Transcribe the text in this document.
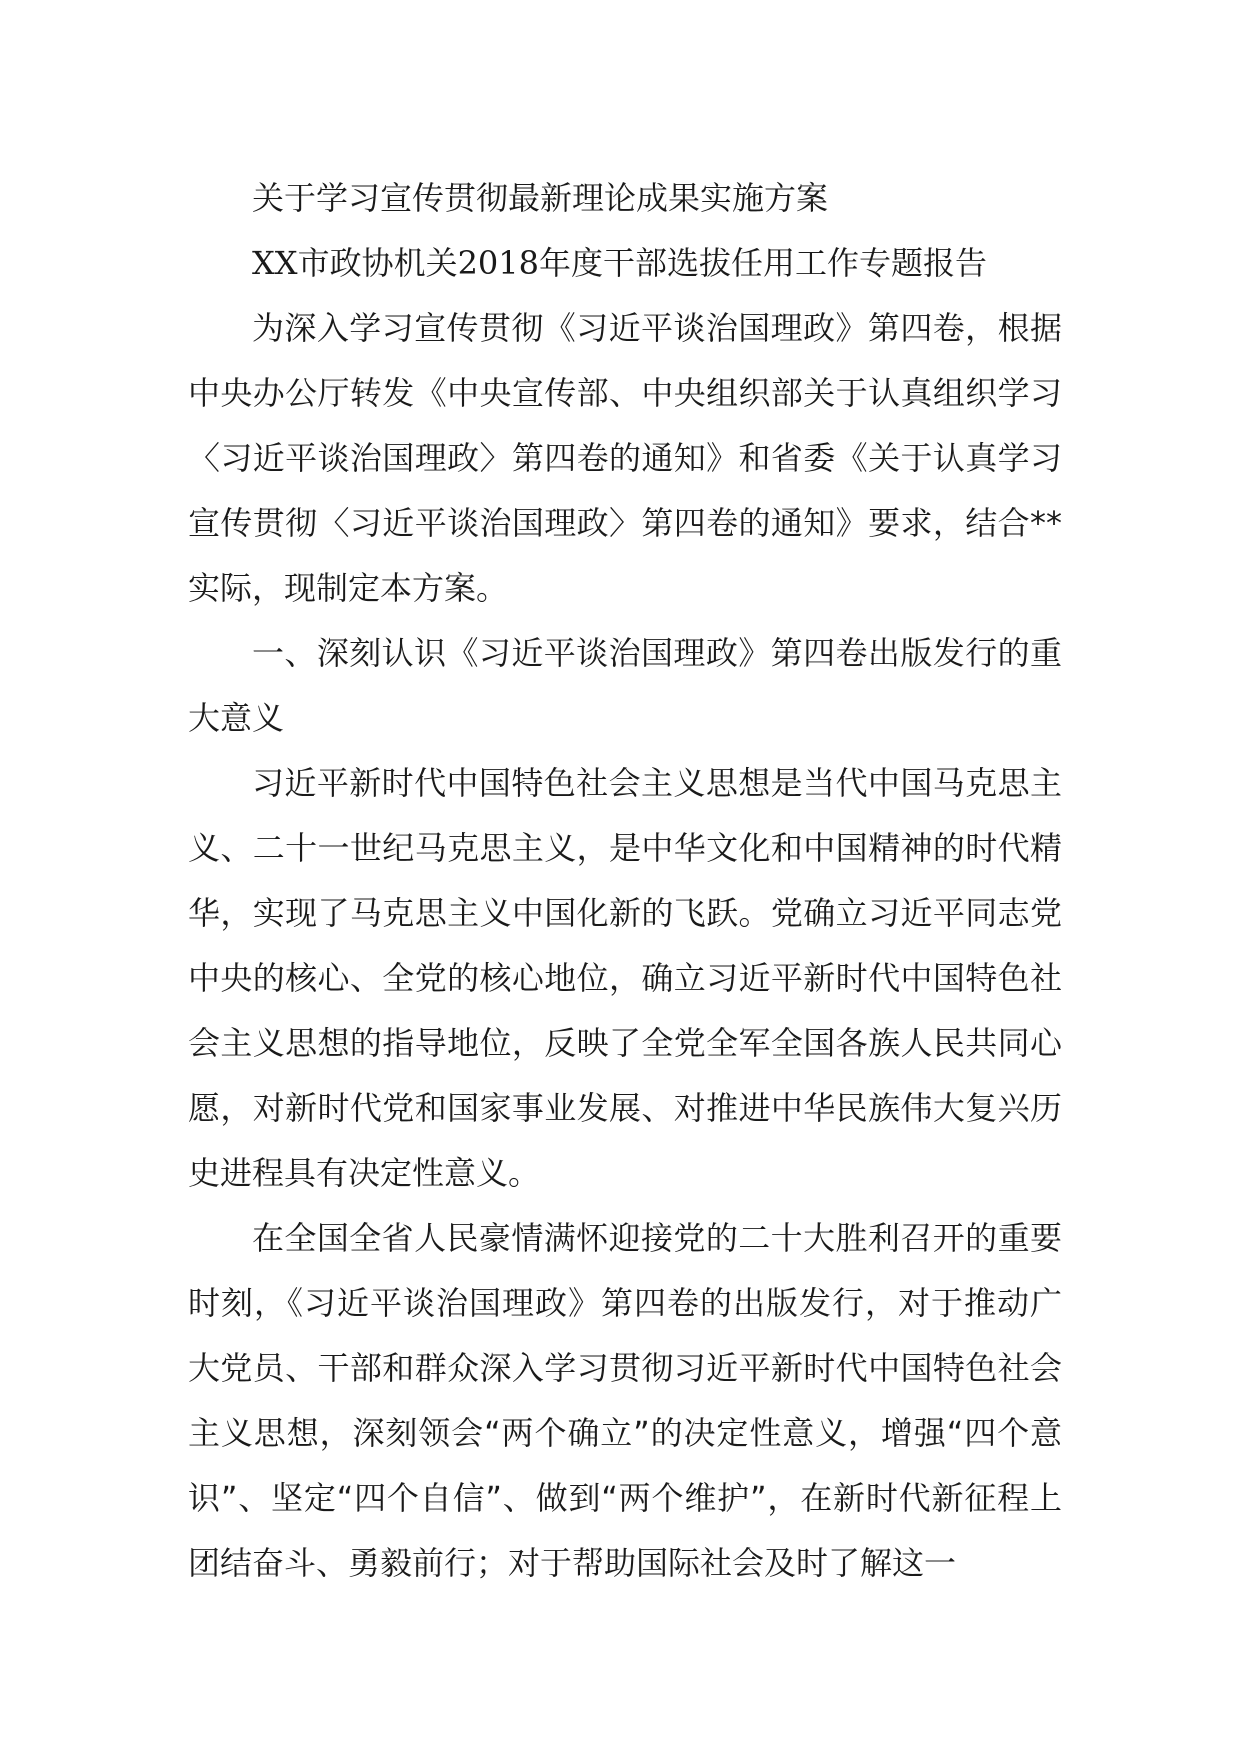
关于学习宣传贯彻最新理论成果实施方案

XX市政协机关2018年度干部选拔任用工作专题报告

为深入学习宣传贯彻《习近平谈治国理政》第四卷，根据中央办公厅转发《中央宣传部、中央组织部关于认真组织学习〈习近平谈治国理政〉第四卷的通知》和省委《关于认真学习宣传贯彻〈习近平谈治国理政〉第四卷的通知》要求，结合**实际，现制定本方案。

一、深刻认识《习近平谈治国理政》第四卷出版发行的重大意义

习近平新时代中国特色社会主义思想是当代中国马克思主义、二十一世纪马克思主义，是中华文化和中国精神的时代精华，实现了马克思主义中国化新的飞跃。党确立习近平同志党中央的核心、全党的核心地位，确立习近平新时代中国特色社会主义思想的指导地位，反映了全党全军全国各族人民共同心愿，对新时代党和国家事业发展、对推进中华民族伟大复兴历史进程具有决定性意义。

在全国全省人民豪情满怀迎接党的二十大胜利召开的重要时刻，《习近平谈治国理政》第四卷的出版发行，对于推动广大党员、干部和群众深入学习贯彻习近平新时代中国特色社会主义思想，深刻领会“两个确立”的决定性意义，增强“四个意识”、坚定“四个自信”、做到“两个维护”，在新时代新征程上团结奋斗、勇毅前行；对于帮助国际社会及时了解这一
